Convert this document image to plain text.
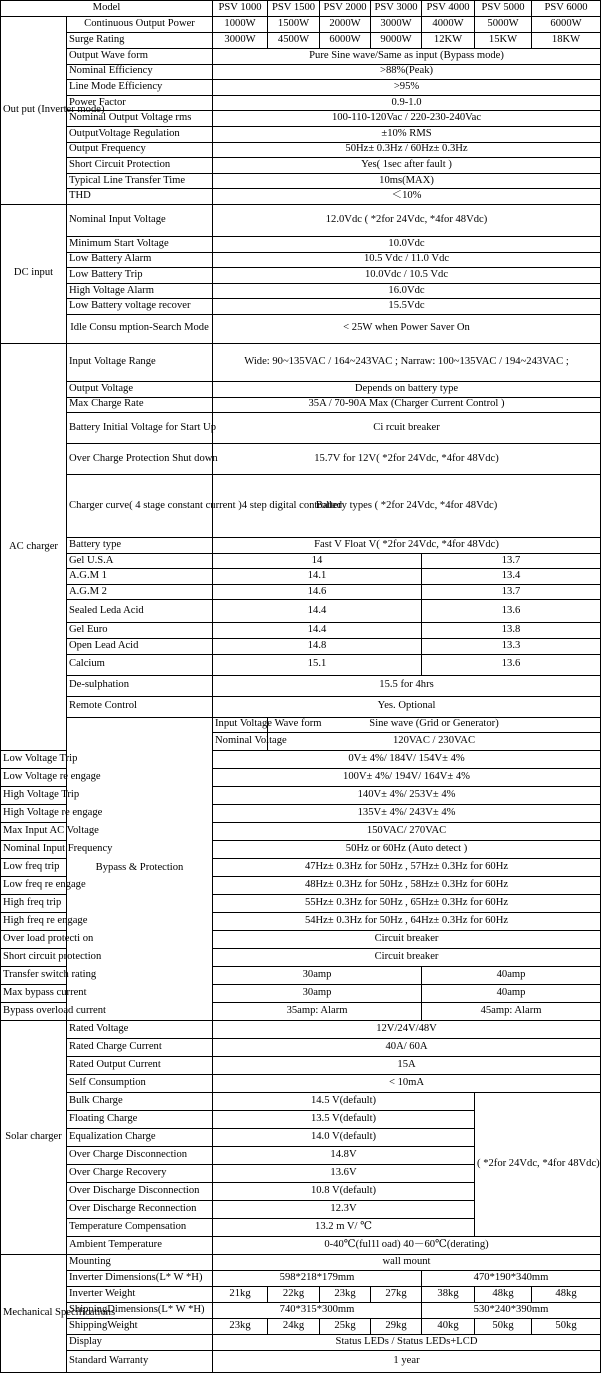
Model		PSV 1000	PSV 1500	PSV 2000	PSV 3000	PSV 4000	PSV 5000	PSV 6000
Out put (Inverter mode)	Continuous Output Power	1000W	1500W	2000W	3000W	4000W	5000W	6000W
	Surge Rating	3000W	4500W	6000W	9000W	12KW	15KW	18KW
	Output Wave form	Pure Sine wave/Same as input (Bypass mode)						
	Nominal Efficiency	>88%(Peak)						
	Line Mode Efficiency	>95%						
	Power Factor	0.9-1.0						
	Nominal Output Voltage rms	100-110-120Vac / 220-230-240Vac						
	OutputVoltage Regulation	±10% RMS						
	Output Frequency	50Hz± 0.3Hz / 60Hz± 0.3Hz						
	Short Circuit Protection	Yes( 1sec after fault )						
	Typical Line Transfer Time	10ms(MAX)						
	THD	＜10%						
DC input	Nominal Input Voltage	12.0Vdc ( *2for 24Vdc, *4for 48Vdc)						
	Minimum Start Voltage	10.0Vdc						
	Low Battery Alarm	10.5 Vdc / 11.0 Vdc						
	Low Battery Trip	10.0Vdc / 10.5 Vdc						
	High Voltage Alarm	16.0Vdc						
	Low Battery voltage recover	15.5Vdc						
	Idle Consu mption-Search Mode	< 25W when Power Saver On						
AC charger	Input Voltage Range	Wide: 90~135VAC / 164~243VAC ; Narraw: 100~135VAC / 194~243VAC ;						
	Output Voltage	Depends on battery type						
	Max Charge Rate	35A / 70-90A Max (Charger Current Control )						
	Battery Initial Voltage for Start Up	Ci rcuit breaker						
	Over Charge Protection Shut down	15.7V for 12V( *2for 24Vdc, *4for 48Vdc)						
	Charger curve( 4 stage constant current )4 step digital controlled	Battery types ( *2for 24Vdc, *4for 48Vdc)						
	Battery type	Fast V Float V( *2for 24Vdc, *4for 48Vdc)						
	Gel U.S.A	14				13.7		
	A.G.M 1	14.1				13.4		
	A.G.M 2	14.6				13.7		
	Sealed Leda Acid	14.4				13.6		
	Gel Euro	14.4				13.8		
	Open Lead Acid	14.8				13.3		
	Calcium	15.1				13.6		
	De-sulphation	15.5 for 4hrs						
	Remote Control	Yes. Optional						
	Bypass & Protection	Input Voltage Wave form	Sine wave (Grid or Generator)					
		Nominal Voltage	120VAC / 230VAC					
Low Voltage Trip		0V± 4%/ 184V/ 154V± 4%						
Low Voltage re engage		100V± 4%/ 194V/ 164V± 4%						
High Voltage Trip		140V± 4%/ 253V± 4%						
High Voltage re engage		135V± 4%/ 243V± 4%						
Max Input AC Voltage		150VAC/ 270VAC						
Nominal Input Frequency		50Hz or 60Hz (Auto detect )						
Low freq trip		47Hz± 0.3Hz for 50Hz , 57Hz± 0.3Hz for 60Hz						
Low freq re engage		48Hz± 0.3Hz for 50Hz , 58Hz± 0.3Hz for 60Hz						
High freq trip		55Hz± 0.3Hz for 50Hz , 65Hz± 0.3Hz for 60Hz						
High freq re engage		54Hz± 0.3Hz for 50Hz , 64Hz± 0.3Hz for 60Hz						
Over load protecti on		Circuit breaker						
Short circuit protection		Circuit breaker						
Transfer switch rating		30amp				40amp		
Max bypass current		30amp				40amp		
Bypass overload current		35amp: Alarm				45amp: Alarm		
Solar charger	Rated Voltage	12V/24V/48V						
	Rated Charge Current	40A/ 60A						
	Rated Output Current	15A						
	Self Consumption	< 10mA						
	Bulk Charge	14.5 V(default)					( *2for 24Vdc, *4for 48Vdc)	
	Floating Charge	13.5 V(default)						
	Equalization Charge	14.0 V(default)						
	Over Charge Disconnection	14.8V						
	Over Charge Recovery	13.6V						
	Over Discharge Disconnection	10.8 V(default)						
	Over Discharge Reconnection	12.3V						
	Temperature Compensation	13.2 m V/ ℃						
	Ambient Temperature	0-40℃(ful1l oad) 40－60℃(derating)						
Mechanical Specifications	Mounting	wall mount						
	Inverter Dimensions(L* W *H)	598*218*179mm				470*190*340mm		
	Inverter Weight	21kg	22kg	23kg	27kg	38kg	48kg	48kg
	ShippingDimensions(L* W *H)	740*315*300mm				530*240*390mm		
	ShippingWeight	23kg	24kg	25kg	29kg	40kg	50kg	50kg
	Display	Status LEDs / Status LEDs+LCD						
	Standard Warranty	1 year						
